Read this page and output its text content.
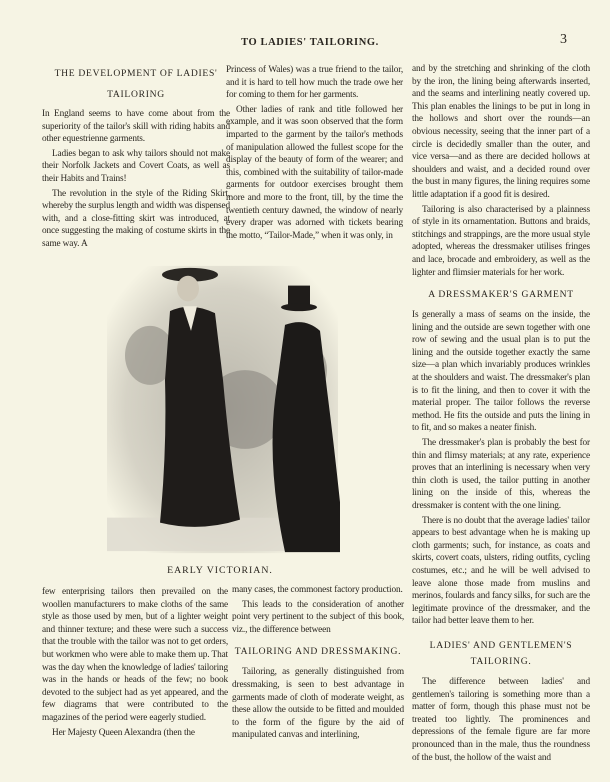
TO LADIES' TAILORING.	3
THE DEVELOPMENT OF LADIES'
TAILORING

In England seems to have come about from the superiority of the tailor's skill with riding habits and other equestrienne garments.

Ladies began to ask why tailors should not make their Norfolk Jackets and Covert Coats, as well as their Habits and Trains!

The revolution in the style of the Riding Skirt, whereby the surplus length and width was dispensed with, and a close-fitting skirt was introduced, at once suggesting the making of costume skirts in the same way. A

Princess of Wales) was a true friend to the tailor, and it is hard to tell how much the trade owe her for coming to them for her garments.

Other ladies of rank and title followed her example, and it was soon observed that the form imparted to the garment by the tailor's methods of manipulation allowed the fullest scope for the display of the beauty of form of the wearer; and this, combined with the suitability of tailor-made garments for outdoor exercises brought them more and more to the front, till, by the time the twentieth century dawned, the window of nearly every draper was adorned with tickets bearing the motto, “Tailor-Made,” when it was only, in

and by the stretching and shrinking of the cloth by the iron, the lining being afterwards inserted, and the seams and interlining neatly covered up. This plan enables the linings to be put in long in the hollows and short over the rounds—an obvious necessity, seeing that the inner part of a circle is decidedly smaller than the outer, and vice versa—and as there are decided hollows at shoulders and waist, and a decided round over the bust in many figures, the lining requires some little adaptation if a good fit is desired.

Tailoring is also characterised by a plainness of style in its ornamentation. Buttons and braids, stitchings and strappings, are the more usual style adopted, whereas the dressmaker utilises fringes and lace, brocade and embroidery, as well as the lighter and flimsier materials for her work.

A DRESSMAKER'S GARMENT

Is generally a mass of seams on the inside, the lining and the outside are sewn together with one row of sewing and the usual plan is to put the lining and the outside together exactly the same size—a plan which invariably produces wrinkles at the shoulders and waist. The dressmaker's plan is to fit the lining, and then to cover it with the material proper. The tailor follows the reverse method. He fits the outside and puts the lining in to fit, and so makes a neater finish.

The dressmaker's plan is probably the best for thin and flimsy materials; at any rate, experience proves that an interlining is necessary when very thin cloth is used, the tailor putting in another lining on the inside of this, whereas the dressmaker is content with the one lining.

There is no doubt that the average ladies' tailor appears to best advantage when he is making up cloth garments; such, for instance, as coats and skirts, covert coats, ulsters, riding outfits, cycling costumes, etc.; and he will be well advised to leave alone those made from muslins and merinos, foulards and fancy silks, for such are the legitimate province of the dressmaker, and the tailor had better leave them to her.

LADIES' AND GENTLEMEN'S
TAILORING.

The difference between ladies' and gentlemen's tailoring is something more than a matter of form, though this phase must not be treated too lightly. The prominences and depressions of the female figure are far more pronounced than in the male, thus the roundness of the bust, the hollow of the waist and

EARLY VICTORIAN.

few enterprising tailors then prevailed on the woollen manufacturers to make cloths of the same style as those used by men, but of a lighter weight and thinner texture; and these were such a success that the trouble with the tailor was not to get orders, but workmen who were able to make them up. That was the day when the knowledge of ladies' tailoring was in the hands or heads of the few; no book devoted to the subject had as yet appeared, and the few diagrams that were contributed to the magazines of the period were eagerly studied.

Her Majesty Queen Alexandra (then the

many cases, the commonest factory production.

This leads to the consideration of another point very pertinent to the subject of this book, viz., the difference between

TAILORING AND DRESSMAKING.

Tailoring, as generally distinguished from dressmaking, is seen to best advantage in garments made of cloth of moderate weight, as these allow the outside to be fitted and moulded to the form of the figure by the aid of manipulated canvas and interlining,
